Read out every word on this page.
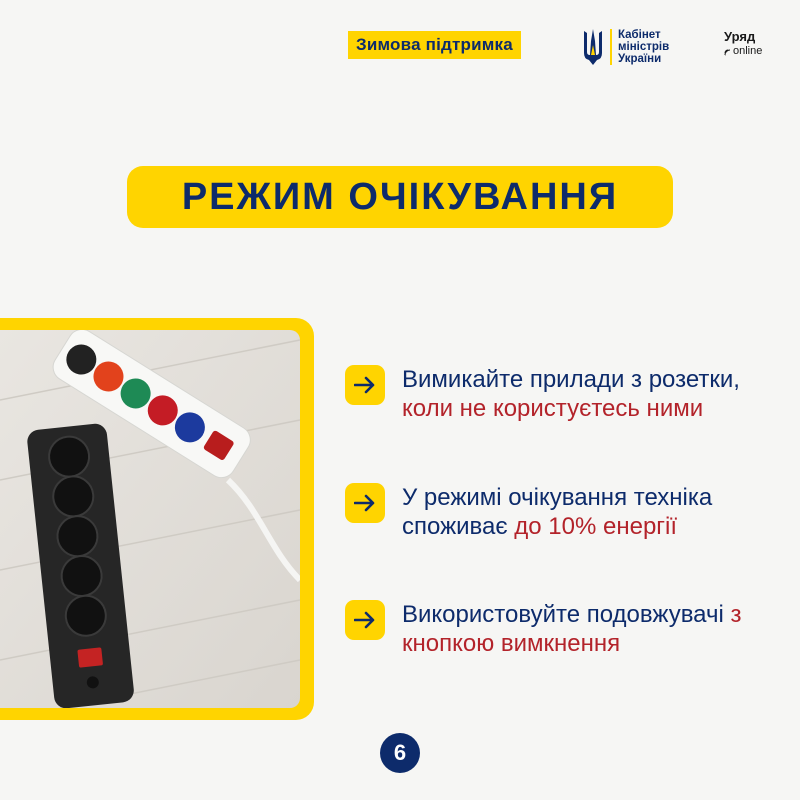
Зимова підтримка	Кабінет
міністрів
України
Уряд
online
РЕЖИМ ОЧІКУВАННЯ
Вимикайте прилади з розетки, коли не користуєтесь ними
У режимі очікування техніка споживає до 10% енергії
Використовуйте подовжувачі з кнопкою вимкнення
6
